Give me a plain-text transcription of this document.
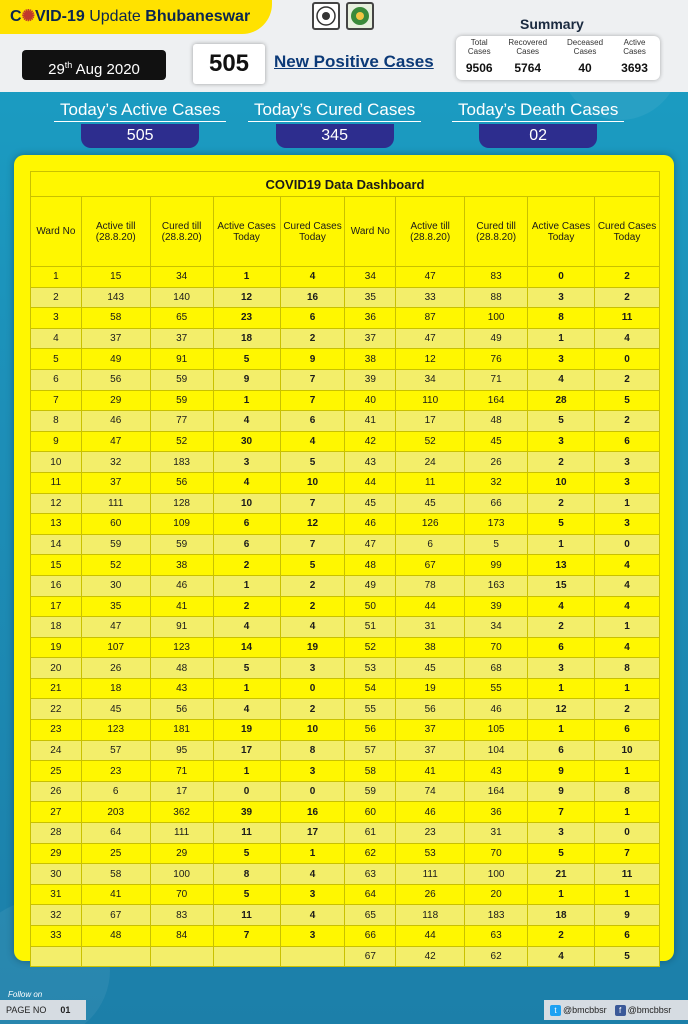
C✺VID-19 Update Bhubaneswar
29th Aug 2020	505	New Positive Cases
Summary
Total Cases
9506
Recovered Cases
5764
Deceased Cases
40
Active Cases
3693
Today’s Active Cases
505
Today’s Cured Cases
345
Today’s Death Cases
02
COVID19 Data Dashboard									
Ward No	Active till (28.8.20)	Cured till (28.8.20)	Active Cases Today	Cured Cases Today	Ward No	Active till (28.8.20)	Cured till (28.8.20)	Active Cases Today	Cured Cases Today
1	15	34	1	4	34	47	83	0	2
2	143	140	12	16	35	33	88	3	2
3	58	65	23	6	36	87	100	8	11
4	37	37	18	2	37	47	49	1	4
5	49	91	5	9	38	12	76	3	0
6	56	59	9	7	39	34	71	4	2
7	29	59	1	7	40	110	164	28	5
8	46	77	4	6	41	17	48	5	2
9	47	52	30	4	42	52	45	3	6
10	32	183	3	5	43	24	26	2	3
11	37	56	4	10	44	11	32	10	3
12	111	128	10	7	45	45	66	2	1
13	60	109	6	12	46	126	173	5	3
14	59	59	6	7	47	6	5	1	0
15	52	38	2	5	48	67	99	13	4
16	30	46	1	2	49	78	163	15	4
17	35	41	2	2	50	44	39	4	4
18	47	91	4	4	51	31	34	2	1
19	107	123	14	19	52	38	70	6	4
20	26	48	5	3	53	45	68	3	8
21	18	43	1	0	54	19	55	1	1
22	45	56	4	2	55	56	46	12	2
23	123	181	19	10	56	37	105	1	6
24	57	95	17	8	57	37	104	6	10
25	23	71	1	3	58	41	43	9	1
26	6	17	0	0	59	74	164	9	8
27	203	362	39	16	60	46	36	7	1
28	64	111	11	17	61	23	31	3	0
29	25	29	5	1	62	53	70	5	7
30	58	100	8	4	63	111	100	21	11
31	41	70	5	3	64	26	20	1	1
32	67	83	11	4	65	118	183	18	9
33	48	84	7	3	66	44	63	2	6
					67	42	62	4	5
Follow on
PAGE NO 01	t @bmcbbsr	f @bmcbbsr
